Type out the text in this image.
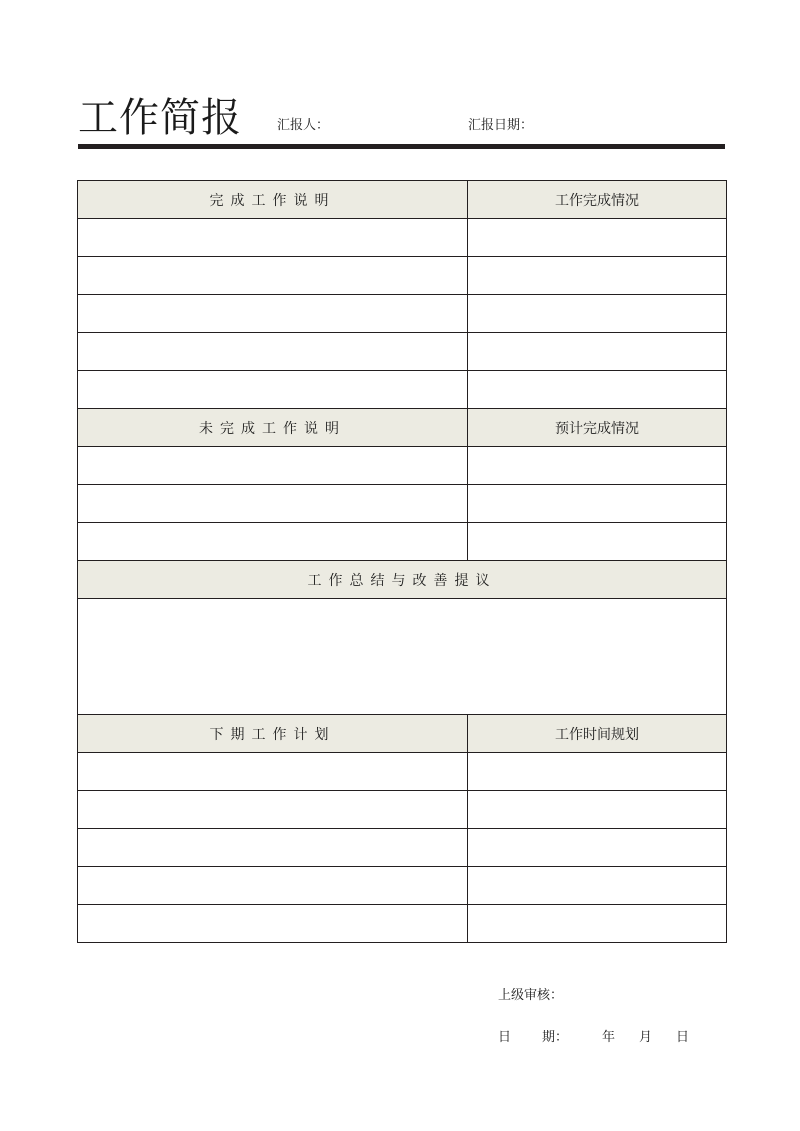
工作简报	汇报人：	汇报日期：
完成工作说明	工作完成情况

未完成工作说明	预计完成情况

工作总结与改善提议	

下期工作计划	工作时间规划

上级审核：
日 期：	年 月 日
